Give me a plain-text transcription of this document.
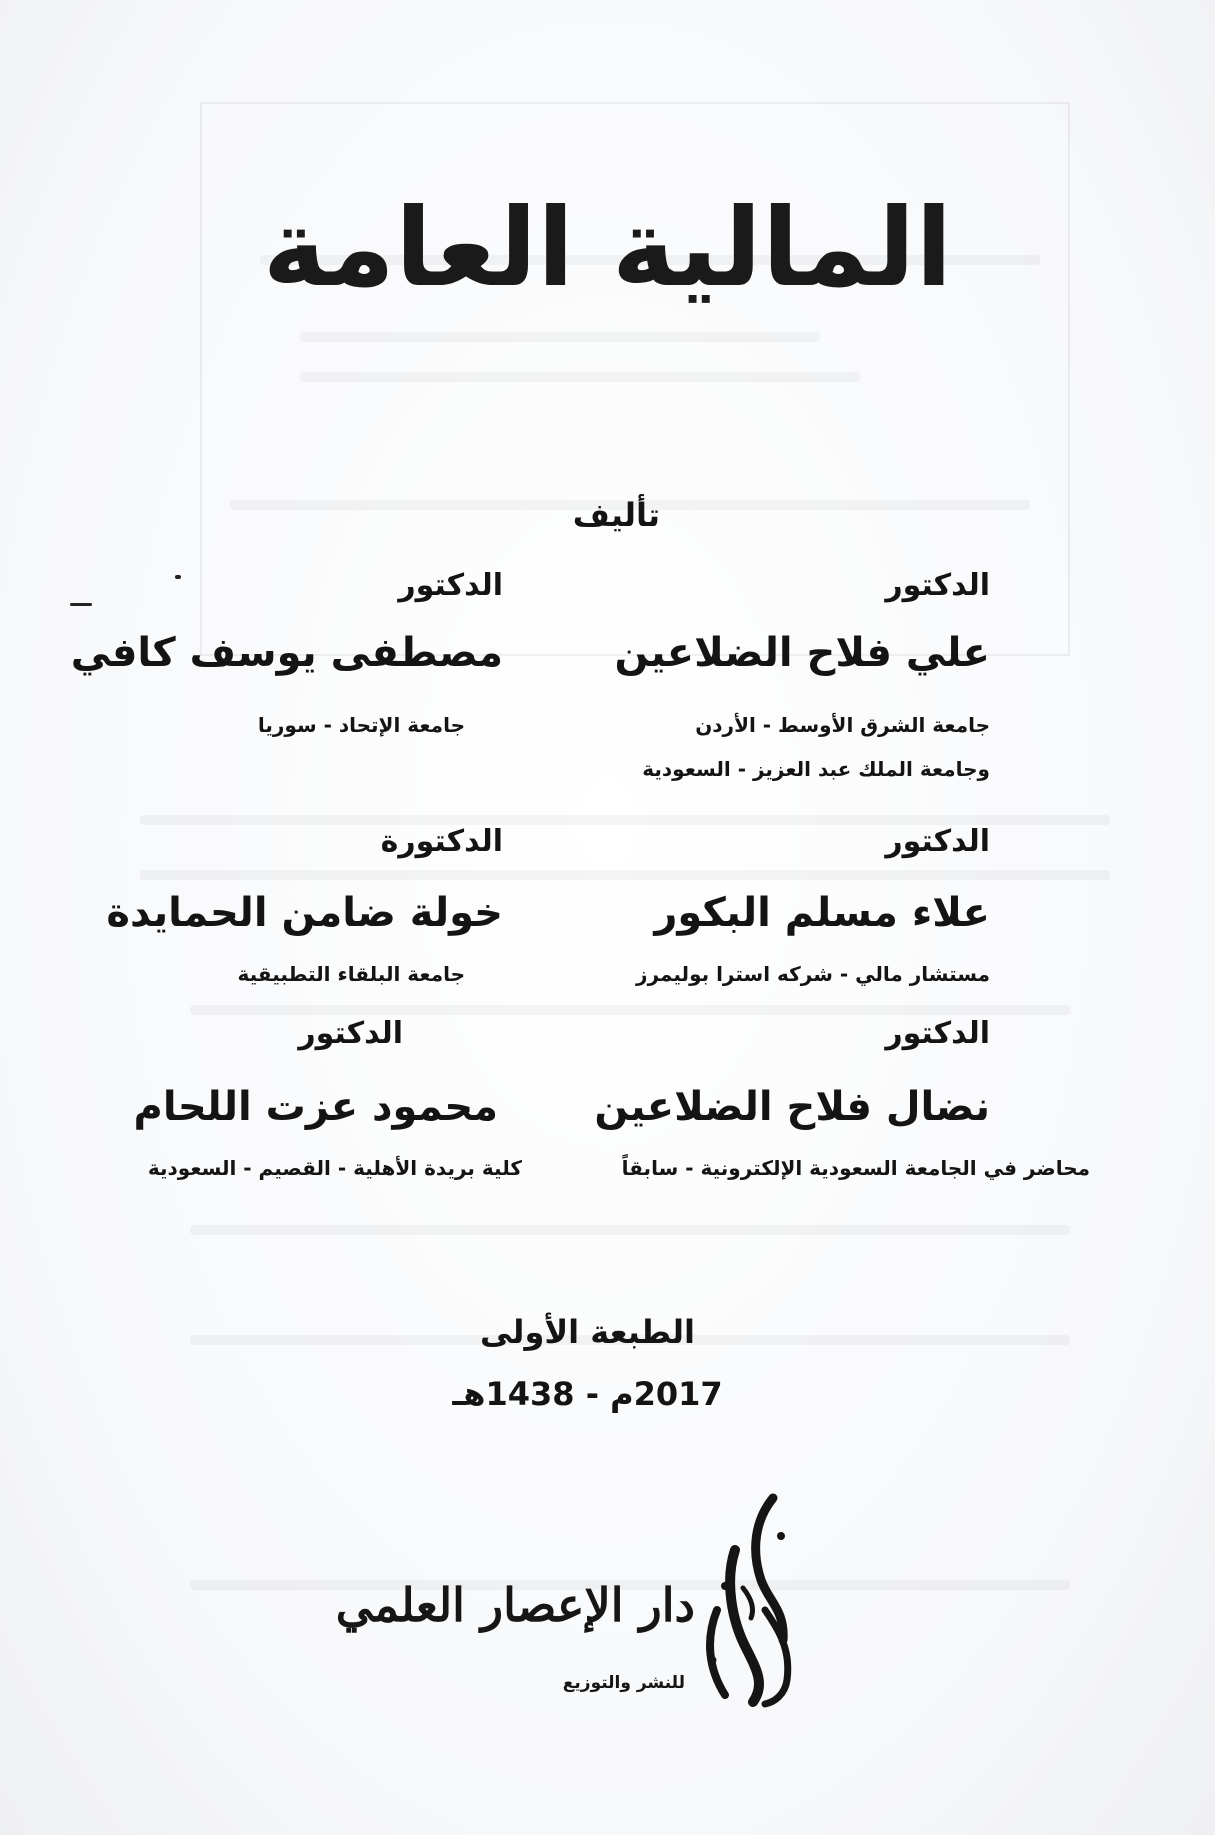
المالية العامة
تأليف
الدكتور
علي فلاح الضلاعين
جامعة الشرق الأوسط - الأردن
وجامعة الملك عبد العزيز - السعودية
الدكتور
علاء مسلم البكور
مستشار مالي - شركه استرا بوليمرز
الدكتور
نضال فلاح الضلاعين
محاضر في الجامعة السعودية الإلكترونية - سابقاً
الدكتور
مصطفى يوسف كافي
جامعة الإتحاد - سوريا
الدكتورة
خولة ضامن الحمايدة
جامعة البلقاء التطبيقية
الدكتور
محمود عزت اللحام
كلية بريدة الأهلية - القصيم - السعودية
الطبعة الأولى
2017م - 1438هـ
دار الإعصار العلمي
للنشر والتوزيع
